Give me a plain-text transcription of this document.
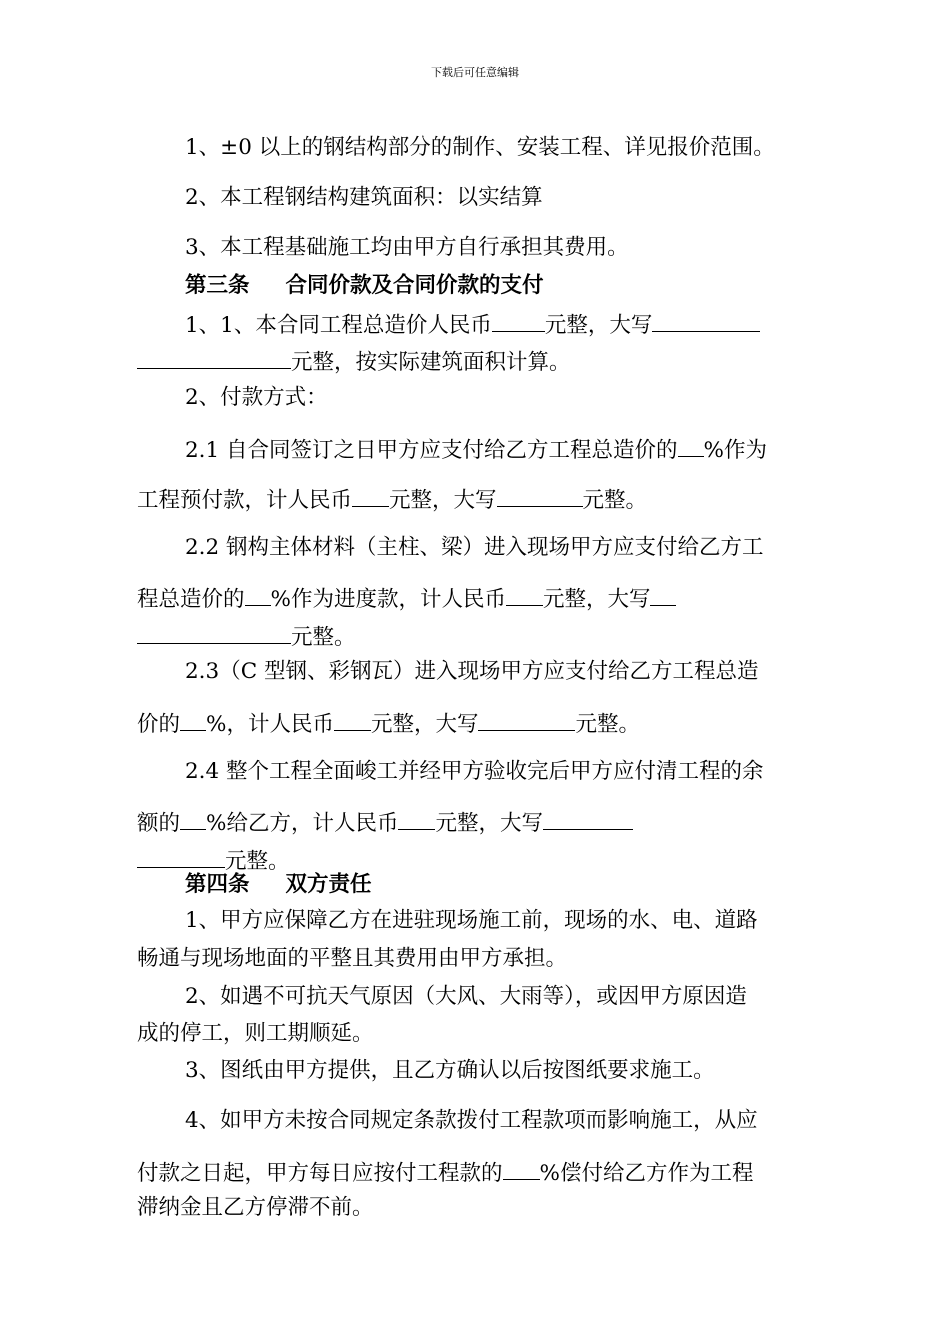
下载后可任意编辑
1、±0 以上的钢结构部分的制作、安装工程、详见报价范围。
2、本工程钢结构建筑面积：以实结算
3、本工程基础施工均由甲方自行承担其费用。
第三条 合同价款及合同价款的支付
1、1、本合同工程总造价人民币 元整，大写
元整，按实际建筑面积计算。
2、付款方式：
2.1 自合同签订之日甲方应支付给乙方工程总造价的 %作为
工程预付款，计人民币 元整，大写	元整。
2.2 钢构主体材料（主柱、梁）进入现场甲方应支付给乙方工
程总造价的 %作为进度款，计人民币 元整，大写
元整。
2.3（C 型钢、彩钢瓦）进入现场甲方应支付给乙方工程总造
价的 %，计人民币 元整，大写	元整。
2.4 整个工程全面峻工并经甲方验收完后甲方应付清工程的余
额的 %给乙方，计人民币 元整，大写
元整。
第四条 双方责任
1、甲方应保障乙方在进驻现场施工前，现场的水、电、道路
畅通与现场地面的平整且其费用由甲方承担。
2、如遇不可抗天气原因（大风、大雨等），或因甲方原因造
成的停工，则工期顺延。
3、图纸由甲方提供，且乙方确认以后按图纸要求施工。
4、如甲方未按合同规定条款拨付工程款项而影响施工，从应
付款之日起，甲方每日应按付工程款的 %偿付给乙方作为工程
滞纳金且乙方停滞不前。
